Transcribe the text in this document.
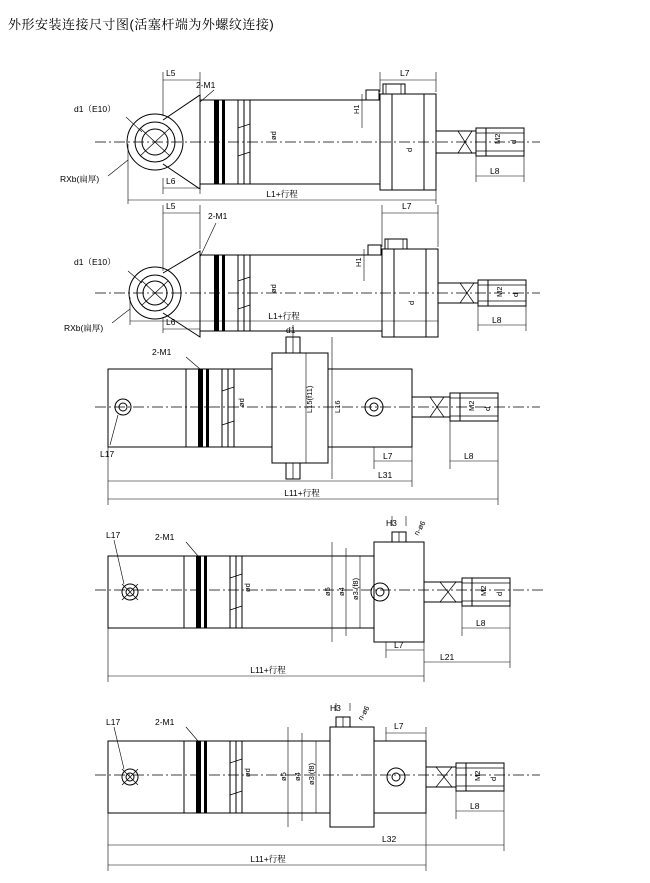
外形安装连接尺寸图(活塞杆端为外螺纹连接)
RXb(扁厚)
d1（E10）
L5
2-M1
L7
H1
ød
d
M2 d
L6
L8
L1+行程
RXb(扁厚)
d1（E10）
L5
2-M1
L7
H1
ød
d
M2 d
L6	L8
L1+行程
L17
ød
d1
L15(f11)	L16	M2 d
2-M1
L7	L8
L31
L11+行程
L17
ød
2-M1
H3 n-ø6
ø5 ø4 ø3 (f8)	M2 d
L7
L8
L21
L11+行程
L17
ød
2-M1
H3 n-ø6
ø5 ø4 ø3 (f8)	M2 d
L7
L8
L32
L11+行程
